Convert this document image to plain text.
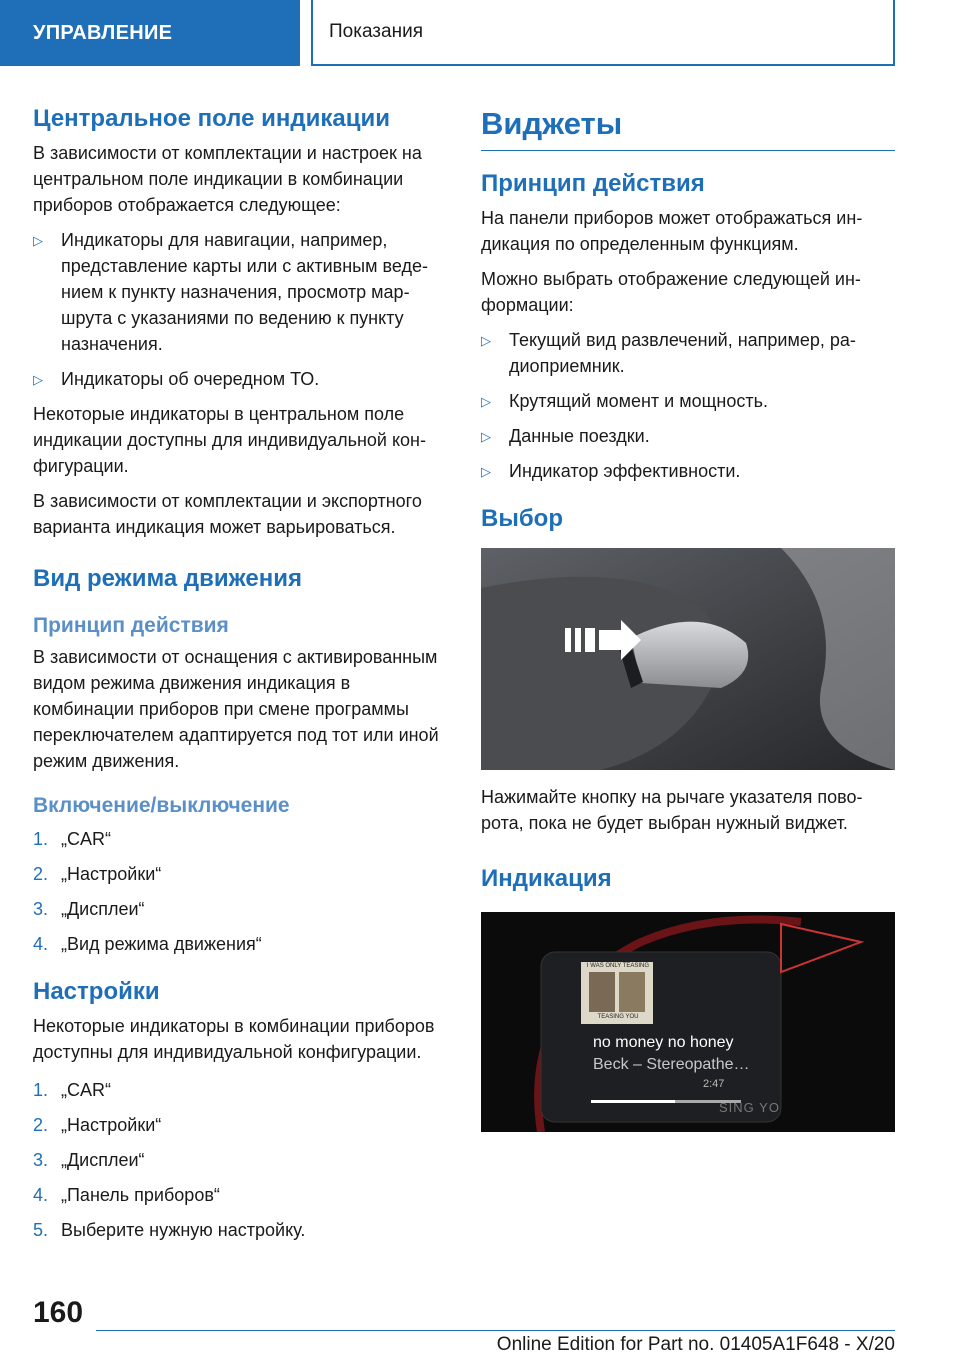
УПРАВЛЕНИЕ	Показания
Центральное поле индикации

В зависимости от комплектации и настроек на центральном поле индикации в комбинации приборов отображается следующее:

▷ Индикаторы для навигации, например, представление карты или с активным ведением к пункту назначения, просмотр маршрута с указаниями по ведению к пункту назначения.
▷ Индикаторы об очередном ТО.

Некоторые индикаторы в центральном поле индикации доступны для индивидуальной конфигурации.

В зависимости от комплектации и экспортного варианта индикация может варьироваться.

Вид режима движения
Принцип действия

В зависимости от оснащения с активированным видом режима движения индикация в комбинации приборов при смене программы переключателем адаптируется под тот или иной режим движения.

Включение/выключение
1. „CAR“
2. „Настройки“
3. „Дисплеи“
4. „Вид режима движения“
Настройки

Некоторые индикаторы в комбинации приборов доступны для индивидуальной конфигурации.

1. „CAR“
2. „Настройки“
3. „Дисплеи“
4. „Панель приборов“
5. Выберите нужную настройку.
Виджеты
Принцип действия

На панели приборов может отображаться индикация по определенным функциям.

Можно выбрать отображение следующей информации:

▷ Текущий вид развлечений, например, радиоприемник.
▷ Крутящий момент и мощность.
▷ Данные поездки.
▷ Индикатор эффективности.
Выбор

Нажимайте кнопку на рычаге указателя поворота, пока не будет выбран нужный виджет.

Индикация
I WAS ONLY TEASING
TEASING YOU
no money no honey
Beck – Stereopathe…
2:47
SING YO
160
Online Edition for Part no. 01405A1F648 - X/20
